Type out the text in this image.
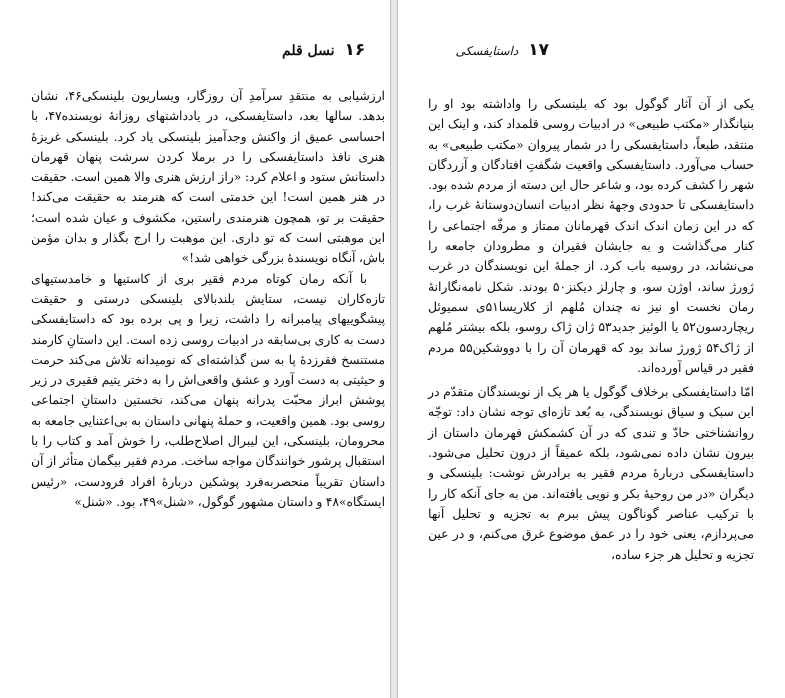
۱۶
نسل قلم

ارزشیابی به منتقدِ سرآمدِ آن روزگار، ویساریون بلینسکی۴۶، نشان بدهد. سالها بعد، داستایفسکی، در یادداشتهای روزانهٔ نویسنده۴۷، با احساسی عمیق از واکنش وجدآمیز بلینسکی یاد کرد. بلینسکی غریزهٔ هنری نافذ داستایفسکی را در برملا کردن سرشت پنهان قهرمان داستانش ستود و اعلام کرد: «راز ارزش هنری والا همین است. حقیقت در هنر همین است! این خدمتی است که هنرمند به حقیقت می‌کند! حقیقت بر تو، همچون هنرمندی راستین، مکشوف و عیان شده است؛ این موهبتی است که تو داری. این موهبت را ارج بگذار و بدان مؤمن باش، آنگاه نویسندهٔ بزرگی خواهی شد!»

با آنکه رمان کوتاه مردم فقیر بری از کاستیها و خامدستیهای تازه‌کاران نیست، ستایش بلندبالای بلینسکی درستی و حقیقت پیشگوییهای پیامبرانه را داشت، زیرا و پی برده بود که داستایفسکی دست به کاری بی‌سابقه در ادبیات روسی زده است. این داستانِ کارمند مستنسخ فقرزدهٔ پا به سن گذاشته‌ای که نومیدانه تلاش می‌کند حرمت و حیثیتی به دست آورد و عشق واقعی‌اش را به دختر یتیم فقیری در زیر پوشش ابراز محبّت پدرانه پنهان می‌کند، نخستین داستانِ اجتماعی روسی بود. همین واقعیت، و حملهٔ پنهانی داستان به بی‌اعتنایی جامعه به محرومان، بلینسکی، این لیبرال اصلاح‌طلب، را خوش آمد و کتاب را با استقبال پرشور خوانندگان مواجه ساخت. مردم فقیر بیگمان متأثر از آن داستان تقریباً منحصربه‌فرد پوشکین دربارهٔ افراد فرودست، «رئیس ایستگاه»۴۸ و داستان مشهور گوگول، «شنل»۴۹، بود. «شنل»

۱۷
داستایفسکی

یکی از آن آثار گوگول بود که بلینسکی را واداشته بود او را بنیانگذار «مکتب طبیعی» در ادبیات روسی قلمداد کند، و اینک این منتقد، طبعاً، داستایفسکی را در شمار پیروان «مکتب طبیعی» به حساب می‌آورد. داستایفسکی واقعیت شگفتِ افتادگان و آزردگان شهر را کشف کرده بود، و شاعر حال این دسته از مردم شده بود. داستایفسکی تا حدودی وجههٔ نظر ادبیات انسان‌دوستانهٔ غرب را، که در این زمان اندک اندک قهرمانان ممتاز و مرفّه اجتماعی را کنار می‌گذاشت و به جایشان فقیران و مطرودان جامعه را می‌نشاند، در روسیه باب کرد. از جملهٔ این نویسندگان در غرب ژورژ ساند، اوژن سو، و چارلز دیکنز۵۰ بودند. شکل نامه‌نگارانهٔ رمان نخست او نیز نه چندان مُلهم از کلاریسا۵۱ی سمیوئل ریچاردسون۵۲ یا الوئیز جدید۵۳ ژان ژاک روسو، بلکه بیشتر مُلهم از ژاک۵۴ ژورژ ساند بود که قهرمان آن را با دووشکین۵۵ مردم فقیر در قیاس آورده‌اند.

امّا داستایفسکی برخلاف گوگول یا هر یک از نویسندگان متقدّم در این سبک و سیاق نویسندگی، به بُعد تازه‌ای توجه نشان داد: توجّه روانشناختی حادّ و تندی که در آن کشمکش قهرمان داستان از بیرون نشان داده نمی‌شود، بلکه عمیقاً از درون تحلیل می‌شود. داستایفسکی دربارهٔ مردم فقیر به برادرش نوشت: بلینسکی و دیگران «در من روحیهٔ بکر و نویی یافته‌اند. من به جای آنکه کار را با ترکیب عناصر گوناگون پیش ببرم به تجزیه و تحلیل آنها می‌پردازم، یعنی خود را در عمق موضوع غرق می‌کنم، و در عین تجزیه و تحلیل هر جزء ساده،
